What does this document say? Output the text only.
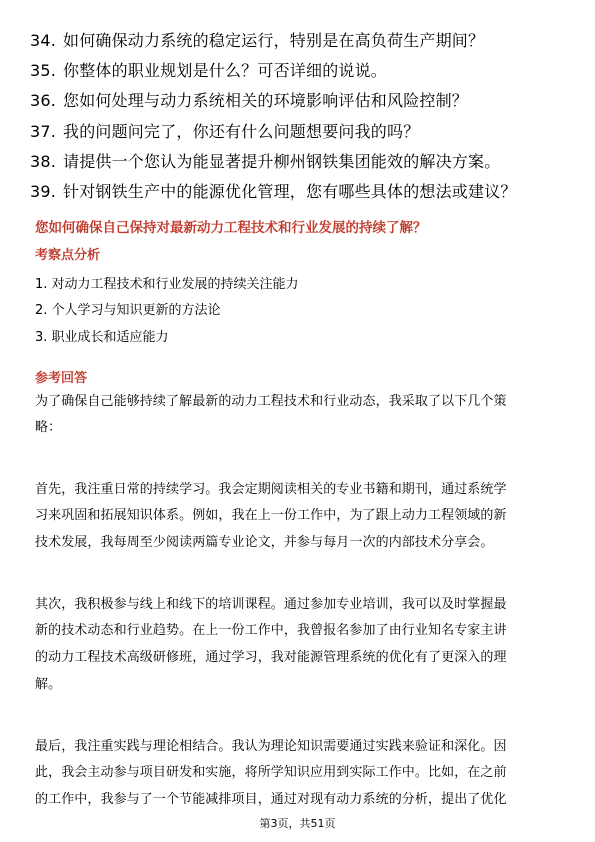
34. 如何确保动力系统的稳定运行，特别是在高负荷生产期间？
35. 你整体的职业规划是什么？可否详细的说说。
36. 您如何处理与动力系统相关的环境影响评估和风险控制？
37. 我的问题问完了，你还有什么问题想要问我的吗？
38. 请提供一个您认为能显著提升柳州钢铁集团能效的解决方案。
39. 针对钢铁生产中的能源优化管理，您有哪些具体的想法或建议？
您如何确保自己保持对最新动力工程技术和行业发展的持续了解？
考察点分析
1. 对动力工程技术和行业发展的持续关注能力
2. 个人学习与知识更新的方法论
3. 职业成长和适应能力
参考回答
为了确保自己能够持续了解最新的动力工程技术和行业动态，我采取了以下几个策
略：
首先，我注重日常的持续学习。我会定期阅读相关的专业书籍和期刊，通过系统学
习来巩固和拓展知识体系。例如，我在上一份工作中，为了跟上动力工程领域的新
技术发展，我每周至少阅读两篇专业论文，并参与每月一次的内部技术分享会。
其次，我积极参与线上和线下的培训课程。通过参加专业培训，我可以及时掌握最
新的技术动态和行业趋势。在上一份工作中，我曾报名参加了由行业知名专家主讲
的动力工程技术高级研修班，通过学习，我对能源管理系统的优化有了更深入的理
解。
最后，我注重实践与理论相结合。我认为理论知识需要通过实践来验证和深化。因
此，我会主动参与项目研发和实施，将所学知识应用到实际工作中。比如，在之前
的工作中，我参与了一个节能减排项目，通过对现有动力系统的分析，提出了优化
第3页，共51页
